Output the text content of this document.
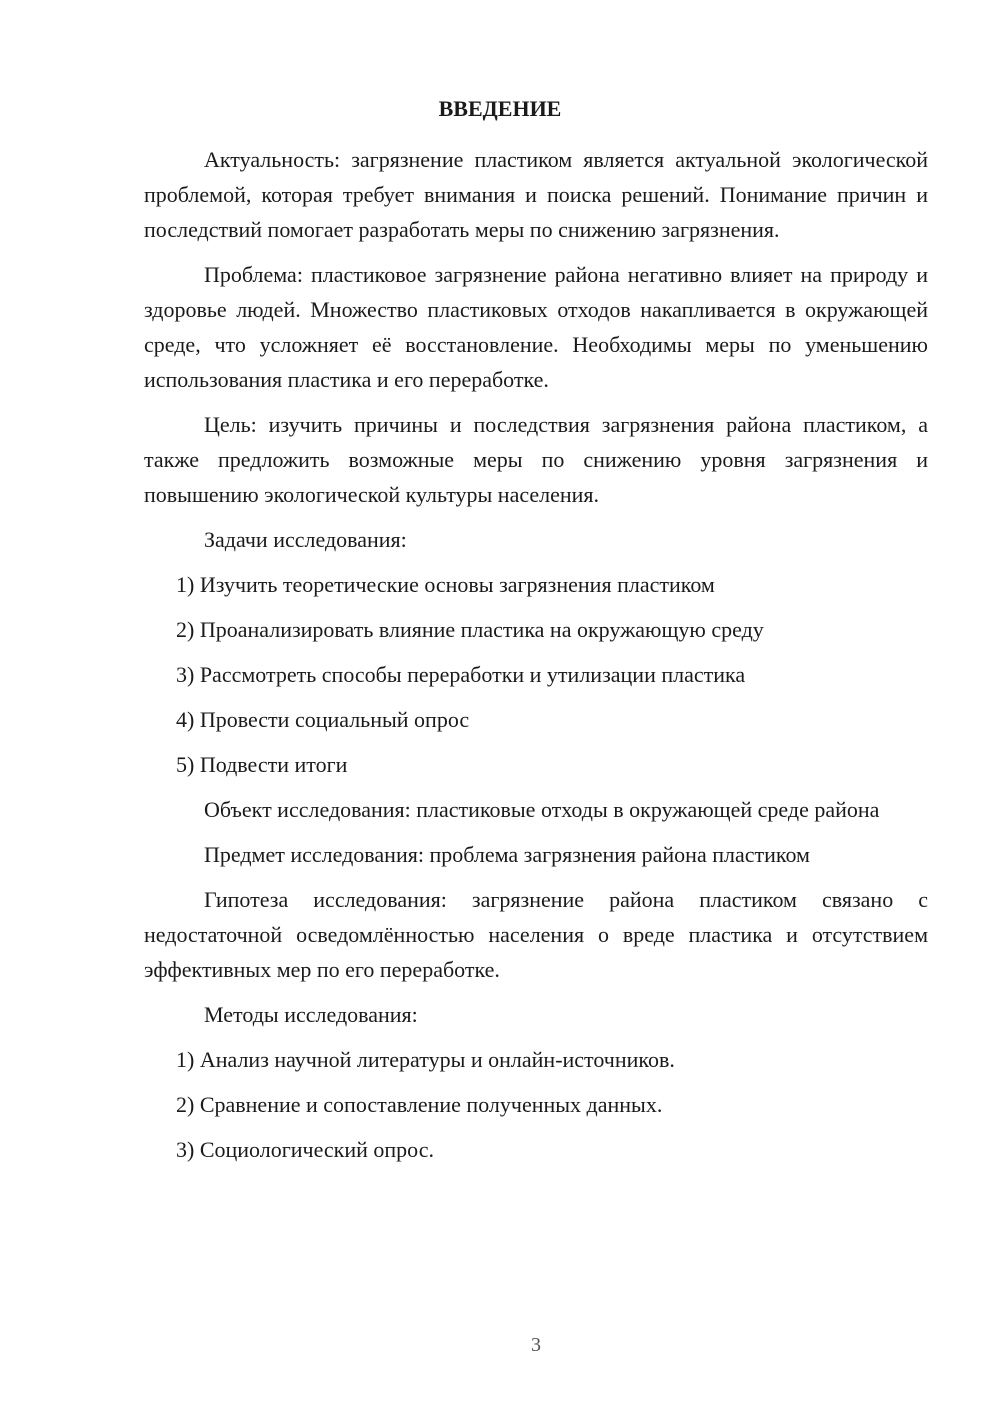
ВВЕДЕНИЕ

Актуальность: загрязнение пластиком является актуальной экологической проблемой, которая требует внимания и поиска решений. Понимание причин и последствий помогает разработать меры по снижению загрязнения.

Проблема: пластиковое загрязнение района негативно влияет на природу и здоровье людей. Множество пластиковых отходов накапливается в окружающей среде, что усложняет её восстановление. Необходимы меры по уменьшению использования пластика и его переработке.

Цель: изучить причины и последствия загрязнения района пластиком, а также предложить возможные меры по снижению уровня загрязнения и повышению экологической культуры населения.

Задачи исследования:

1) Изучить теоретические основы загрязнения пластиком
2) Проанализировать влияние пластика на окружающую среду
3) Рассмотреть способы переработки и утилизации пластика
4) Провести социальный опрос
5) Подвести итоги

Объект исследования: пластиковые отходы в окружающей среде района

Предмет исследования: проблема загрязнения района пластиком

Гипотеза исследования: загрязнение района пластиком связано с недостаточной осведомлённостью населения о вреде пластика и отсутствием эффективных мер по его переработке.

Методы исследования:

1) Анализ научной литературы и онлайн-источников.
2) Сравнение и сопоставление полученных данных.
3) Социологический опрос.
3
